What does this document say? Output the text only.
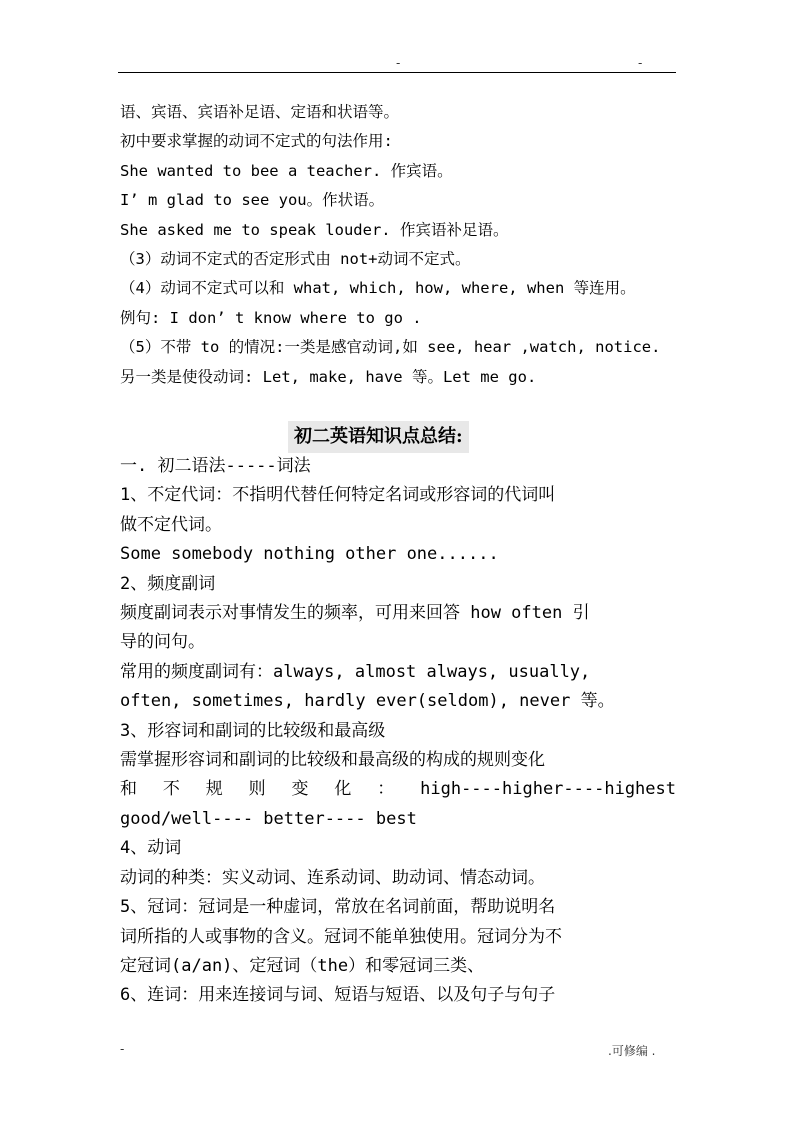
-	-
语、宾语、宾语补足语、定语和状语等。
初中要求掌握的动词不定式的句法作用:
She wanted to bee a teacher. 作宾语。
I’ m glad to see you。作状语。
She asked me to speak louder. 作宾语补足语。
（3）动词不定式的否定形式由 not+动词不定式。
（4）动词不定式可以和 what, which, how, where, when 等连用。
例句: I don’ t know where to go .
（5）不带 to 的情况:一类是感官动词,如 see, hear ,watch, notice.
另一类是使役动词: Let, make, have 等。Let me go.
初二英语知识点总结:
一. 初二语法-----词法
1、不定代词：不指明代替任何特定名词或形容词的代词叫
做不定代词。
Some somebody nothing other one......
2、频度副词
频度副词表示对事情发生的频率，可用来回答 how often 引
导的问句。
常用的频度副词有：always, almost always, usually,
often, sometimes, hardly ever(seldom), never 等。
3、形容词和副词的比较级和最高级
需掌握形容词和副词的比较级和最高级的构成的规则变化
和 不 规 则 变 化 ： high----higher----highest
good/well---- better---- best
4、动词
动词的种类：实义动词、连系动词、助动词、情态动词。
5、冠词：冠词是一种虚词，常放在名词前面，帮助说明名
词所指的人或事物的含义。冠词不能单独使用。冠词分为不
定冠词(a/an)、定冠词（the）和零冠词三类、
6、连词：用来连接词与词、短语与短语、以及句子与句子
-	.可修编 .
